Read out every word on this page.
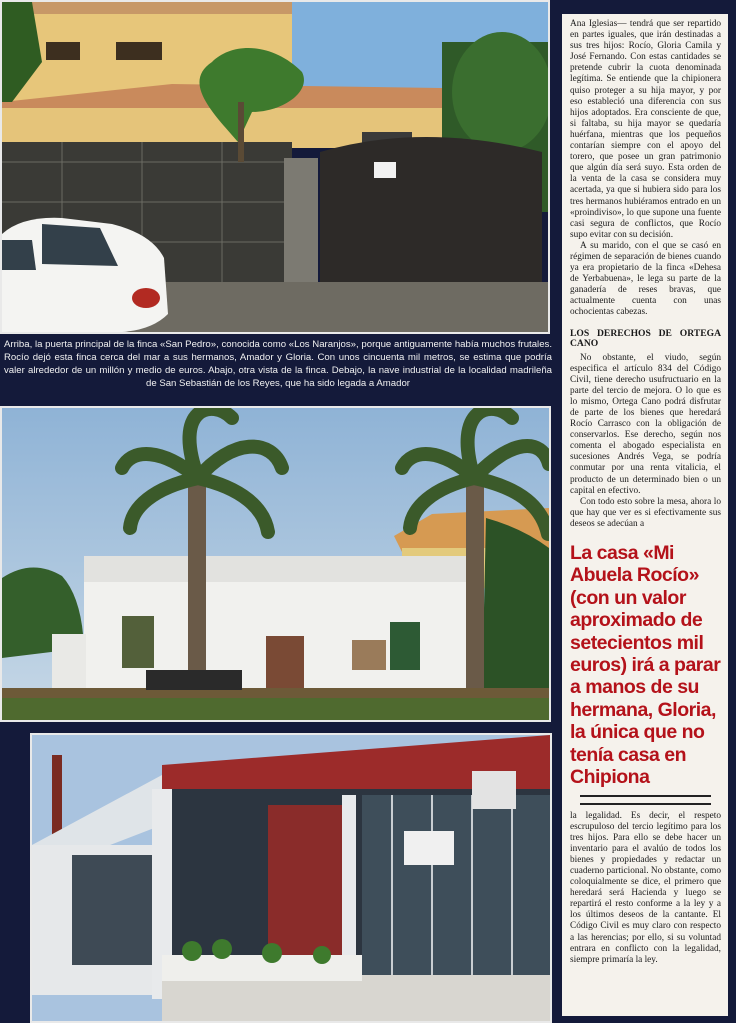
Arriba, la puerta principal de la finca «San Pedro», conocida como «Los Naranjos», porque antiguamente había muchos frutales. Rocío dejó esta finca cerca del mar a sus hermanos, Amador y Gloria. Con unos cincuenta mil metros, se estima que podría valer alrededor de un millón y medio de euros. Abajo, otra vista de la finca. Debajo, la nave industrial de la localidad madrileña de San Sebastián de los Reyes, que ha sido legada a Amador

Ana Iglesias— tendrá que ser repartido en partes iguales, que irán destinadas a sus tres hijos: Rocío, Gloria Camila y José Fernando. Con estas cantidades se pretende cubrir la cuota denominada legítima. Se entiende que la chipionera quiso proteger a su hija mayor, y por eso estableció una diferencia con sus hijos adoptados. Era consciente de que, si faltaba, su hija mayor se quedaría huérfana, mientras que los pequeños contarían siempre con el apoyo del torero, que posee un gran patrimonio que algún día será suyo. Esta orden de la venta de la casa se considera muy acertada, ya que si hubiera sido para los tres hermanos hubiéramos entrado en un «proindiviso», lo que supone una fuente casi segura de conflictos, que Rocío supo evitar con su decisión.

A su marido, con el que se casó en régimen de separación de bienes cuando ya era propietario de la finca «Dehesa de Yerbabuena», le lega su parte de la ganadería de reses bravas, que actualmente cuenta con unas ochocientas cabezas.

LOS DERECHOS DE ORTEGA CANO

No obstante, el viudo, según especifica el artículo 834 del Código Civil, tiene derecho usufructuario en la parte del tercio de mejora. O lo que es lo mismo, Ortega Cano podrá disfrutar de parte de los bienes que heredará Rocío Carrasco con la obligación de conservarlos. Ese derecho, según nos comenta el abogado especialista en sucesiones Andrés Vega, se podría conmutar por una renta vitalicia, el producto de un determinado bien o un capital en efectivo.

Con todo esto sobre la mesa, ahora lo que hay que ver es si efectivamente sus deseos se adecúan a

La casa «Mi Abuela Rocío» (con un valor aproximado de setecientos mil euros) irá a parar a manos de su hermana, Gloria, la única que no tenía casa en Chipiona

la legalidad. Es decir, el respeto escrupuloso del tercio legítimo para los tres hijos. Para ello se debe hacer un inventario para el avalúo de todos los bienes y propiedades y redactar un cuaderno particional. No obstante, como coloquialmente se dice, el primero que heredará será Hacienda y luego se repartirá el resto conforme a la ley y a los últimos deseos de la cantante. El Código Civil es muy claro con respecto a las herencias; por ello, si su voluntad entrara en conflicto con la legalidad, siempre primaría la ley.
